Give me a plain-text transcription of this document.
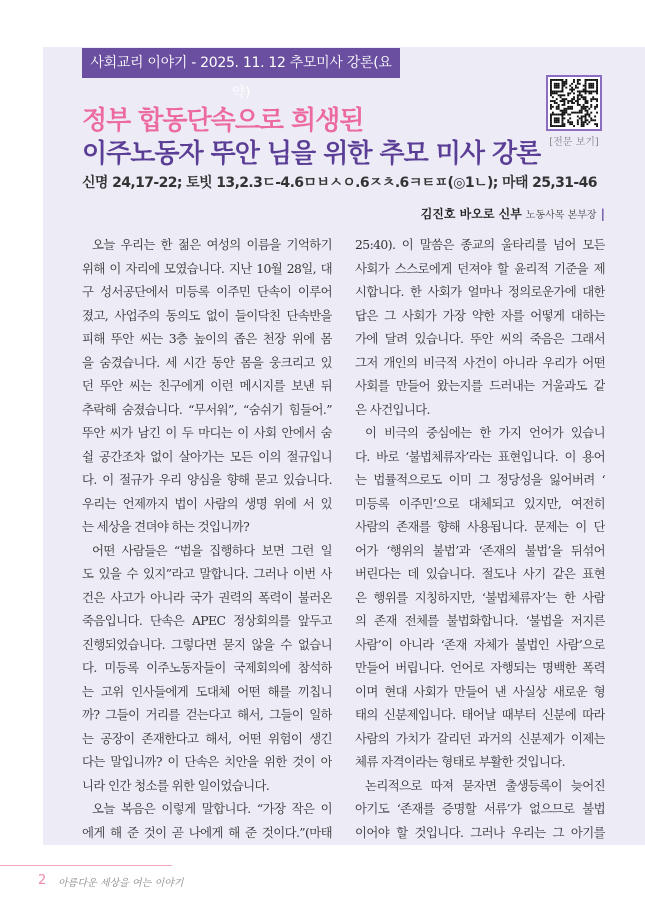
사회교리 이야기 - 2025. 11. 12 추모미사 강론(요약)
정부 합동단속으로 희생된
이주노동자 뚜안 님을 위한 추모 미사 강론
신명 24,17-22; 토빗 13,2.3ㄷ-4.6ㅁㅂㅅㅇ.6ㅈㅊ.6ㅋㅌㅍ(◎1ㄴ); 마태 25,31-46
[전문 보기]
김진호 바오로 신부 노동사목 본부장 |
오늘 우리는 한 젊은 여성의 이름을 기억하기
위해 이 자리에 모였습니다. 지난 10월 28일, 대
구 성서공단에서 미등록 이주민 단속이 이루어
졌고, 사업주의 동의도 없이 들이닥친 단속반을
피해 뚜안 씨는 3층 높이의 좁은 천장 위에 몸
을 숨겼습니다. 세 시간 동안 몸을 웅크리고 있
던 뚜안 씨는 친구에게 이런 메시지를 보낸 뒤
추락해 숨졌습니다. “무서워”, “숨쉬기 힘들어.”
뚜안 씨가 남긴 이 두 마디는 이 사회 안에서 숨
쉴 공간조차 없이 살아가는 모든 이의 절규입니
다. 이 절규가 우리 양심을 향해 묻고 있습니다.
우리는 언제까지 법이 사람의 생명 위에 서 있
는 세상을 견뎌야 하는 것입니까?
어떤 사람들은 “법을 집행하다 보면 그런 일
도 있을 수 있지”라고 말합니다. 그러나 이번 사
건은 사고가 아니라 국가 권력의 폭력이 불러온
죽음입니다. 단속은 APEC 정상회의를 앞두고
진행되었습니다. 그렇다면 묻지 않을 수 없습니
다. 미등록 이주노동자들이 국제회의에 참석하
는 고위 인사들에게 도대체 어떤 해를 끼칩니
까? 그들이 거리를 걷는다고 해서, 그들이 일하
는 공장이 존재한다고 해서, 어떤 위험이 생긴
다는 말입니까? 이 단속은 치안을 위한 것이 아
니라 인간 청소를 위한 일이었습니다.
오늘 복음은 이렇게 말합니다. “가장 작은 이
에게 해 준 것이 곧 나에게 해 준 것이다.”(마태
25:40). 이 말씀은 종교의 울타리를 넘어 모든
사회가 스스로에게 던져야 할 윤리적 기준을 제
시합니다. 한 사회가 얼마나 정의로운가에 대한
답은 그 사회가 가장 약한 자를 어떻게 대하는
가에 달려 있습니다. 뚜안 씨의 죽음은 그래서
그저 개인의 비극적 사건이 아니라 우리가 어떤
사회를 만들어 왔는지를 드러내는 거울과도 같
은 사건입니다.
이 비극의 중심에는 한 가지 언어가 있습니
다. 바로 ‘불법체류자’라는 표현입니다. 이 용어
는 법률적으로도 이미 그 정당성을 잃어버려 ‘
미등록 이주민’으로 대체되고 있지만, 여전히
사람의 존재를 향해 사용됩니다. 문제는 이 단
어가 ‘행위의 불법’과 ‘존재의 불법’을 뒤섞어
버린다는 데 있습니다. 절도나 사기 같은 표현
은 행위를 지칭하지만, ‘불법체류자’는 한 사람
의 존재 전체를 불법화합니다. ‘불법을 저지른
사람’이 아니라 ‘존재 자체가 불법인 사람’으로
만들어 버립니다. 언어로 자행되는 명백한 폭력
이며 현대 사회가 만들어 낸 사실상 새로운 형
태의 신분제입니다. 태어날 때부터 신분에 따라
사람의 가치가 갈리던 과거의 신분제가 이제는
체류 자격이라는 형태로 부활한 것입니다.
논리적으로 따져 묻자면 출생등록이 늦어진
아기도 ‘존재를 증명할 서류’가 없으므로 불법
이어야 할 것입니다. 그러나 우리는 그 아기를
2 아름다운 세상을 여는 이야기
